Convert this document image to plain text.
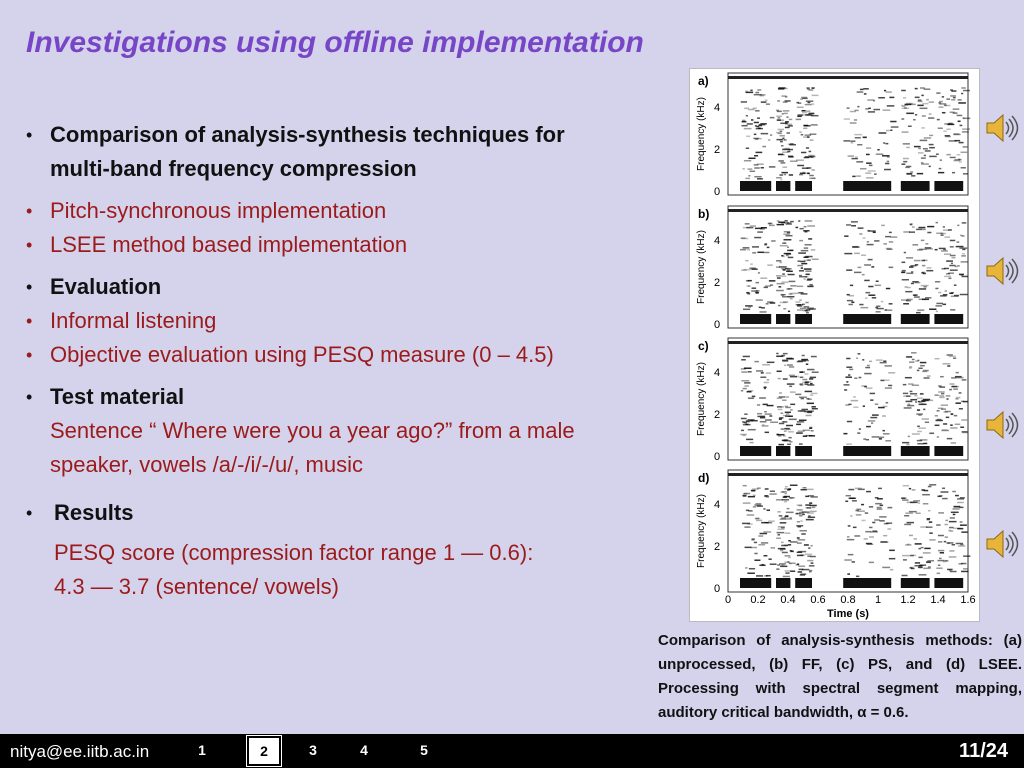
Investigations using offline implementation
• Comparison of analysis-synthesis techniques for
multi-band frequency compression
• Pitch-synchronous implementation
• LSEE method based implementation
• Evaluation
• Informal listening
• Objective evaluation using PESQ measure (0 – 4.5)
• Test material
Sentence “ Where were you a year ago?” from a male
speaker, vowels /a/-/i/-/u/, music
• Results
PESQ score (compression factor range 1 — 0.6):
4.3 — 3.7 (sentence/ vowels)
a)
4
2
0
Frequency (kHz)
b)
4
2
0
Frequency (kHz)
c)
4
2
0
Frequency (kHz)
d)
4
2
0
Frequency (kHz)
0 0.2 0.4 0.6 0.8 1 1.2 1.4 1.6
Time (s)
Comparison of analysis-synthesis methods: (a) unprocessed, (b) FF, (c) PS, and (d) LSEE. Processing with spectral segment mapping, auditory critical bandwidth, α = 0.6.
nitya@ee.iitb.ac.in	1	2	3	4	5	11/24
